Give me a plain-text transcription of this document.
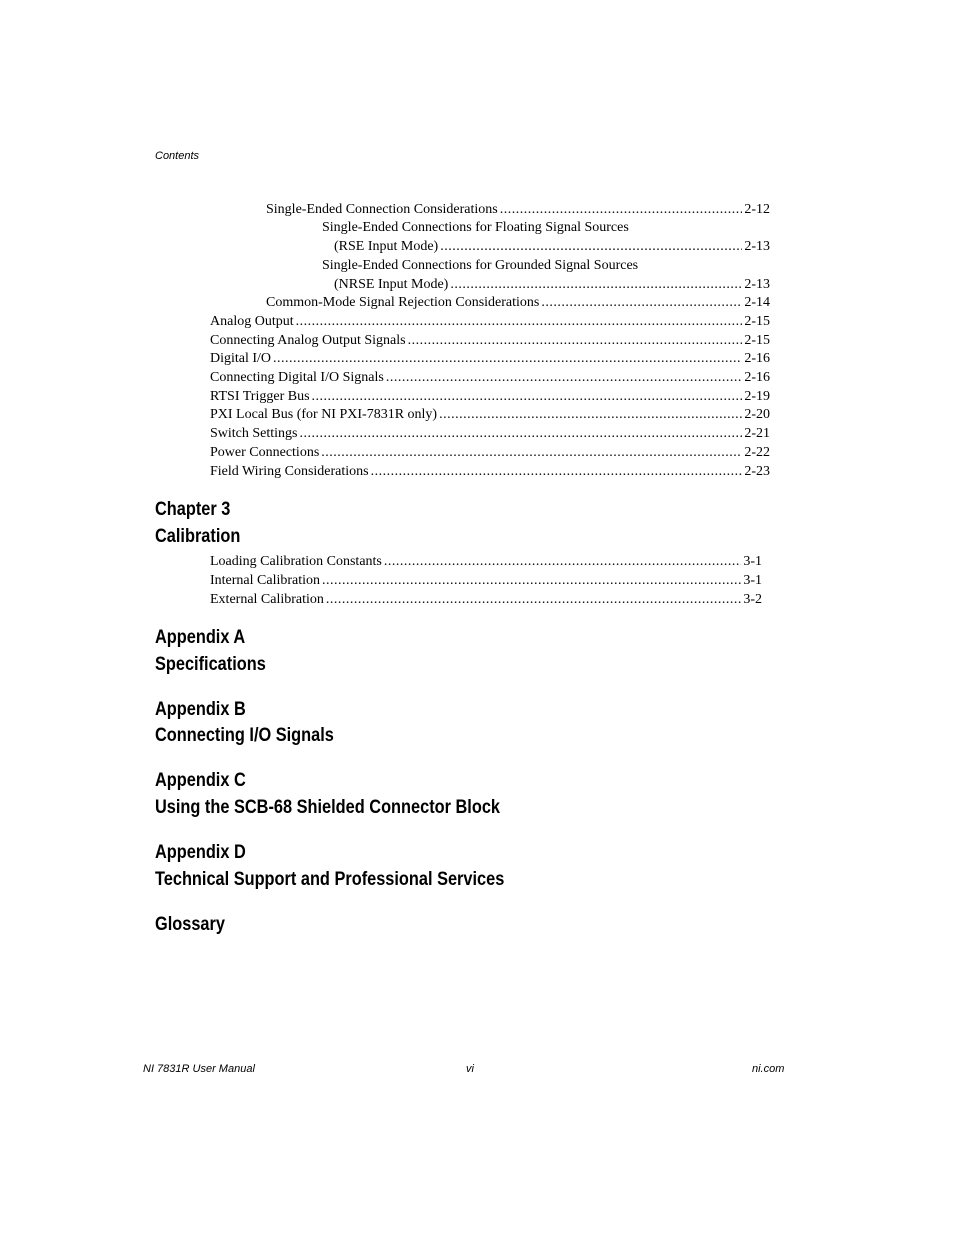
Contents
Single-Ended Connection Considerations .....	2-12
Single-Ended Connections for Floating Signal Sources
(RSE Input Mode) .....	2-13
Single-Ended Connections for Grounded Signal Sources
(NRSE Input Mode) .....	2-13
Common-Mode Signal Rejection Considerations .....	2-14
Analog Output .....	2-15
Connecting Analog Output Signals .....	2-15
Digital I/O .....	2-16
Connecting Digital I/O Signals .....	2-16
RTSI Trigger Bus .....	2-19
PXI Local Bus (for NI PXI-7831R only) .....	2-20
Switch Settings .....	2-21
Power Connections .....	2-22
Field Wiring Considerations .....	2-23
Chapter 3
Calibration
Loading Calibration Constants .....	3-1
Internal Calibration .....	3-1
External Calibration .....	3-2
Appendix A
Specifications
Appendix B
Connecting I/O Signals
Appendix C
Using the SCB-68 Shielded Connector Block
Appendix D
Technical Support and Professional Services
Glossary
NI 7831R User Manual	vi	ni.com
